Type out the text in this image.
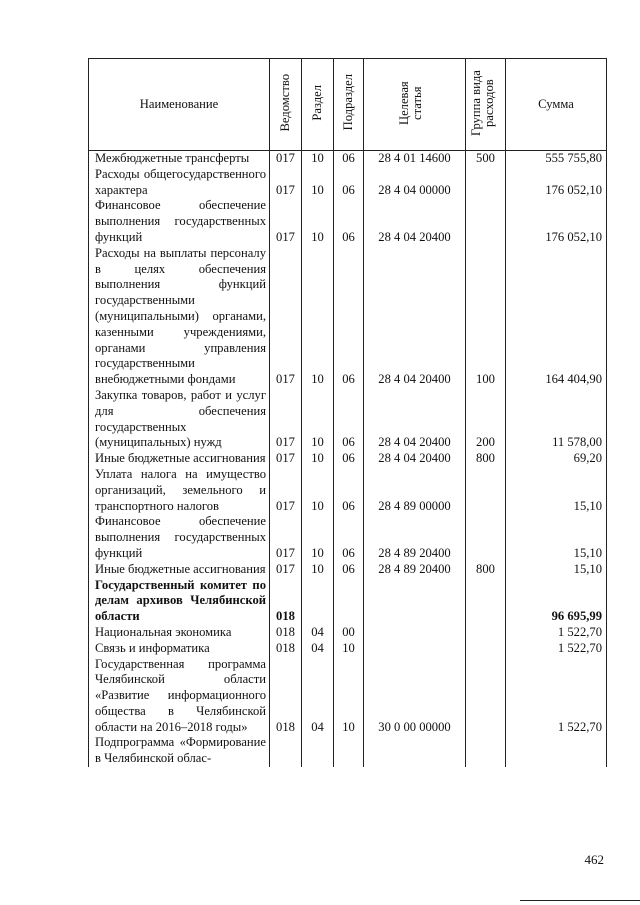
Наименование	Ведомство	Раздел	Подраздел	Целевая статья	Группа вида расходов	Сумма
Межбюджетные трансферты	017	10	06	28 4 01 14600	500	555 755,80
Расходы общегосударственного характера	017	10	06	28 4 04 00000		176 052,10
Финансовое обеспечение выполнения государственных функций	017	10	06	28 4 04 20400		176 052,10
Расходы на выплаты персоналу в целях обеспечения выполнения функций государственными (муниципальными) органами, казенными учреждениями, органами управления государственными внебюджетными фондами	017	10	06	28 4 04 20400	100	164 404,90
Закупка товаров, работ и услуг для обеспечения государственных (муниципальных) нужд	017	10	06	28 4 04 20400	200	11 578,00
Иные бюджетные ассигнования	017	10	06	28 4 04 20400	800	69,20
Уплата налога на имущество организаций, земельного и транспортного налогов	017	10	06	28 4 89 00000		15,10
Финансовое обеспечение выполнения государственных функций	017	10	06	28 4 89 20400		15,10
Иные бюджетные ассигнования	017	10	06	28 4 89 20400	800	15,10
Государственный комитет по делам архивов Челябинской области	018					96 695,99
Национальная экономика	018	04	00			1 522,70
Связь и информатика	018	04	10			1 522,70
Государственная программа Челябинской области «Развитие информационного общества в Челябинской области на 2016–2018 годы»	018	04	10	30 0 00 00000		1 522,70
Подпрограмма «Формирование в Челябинской облас-						
462
